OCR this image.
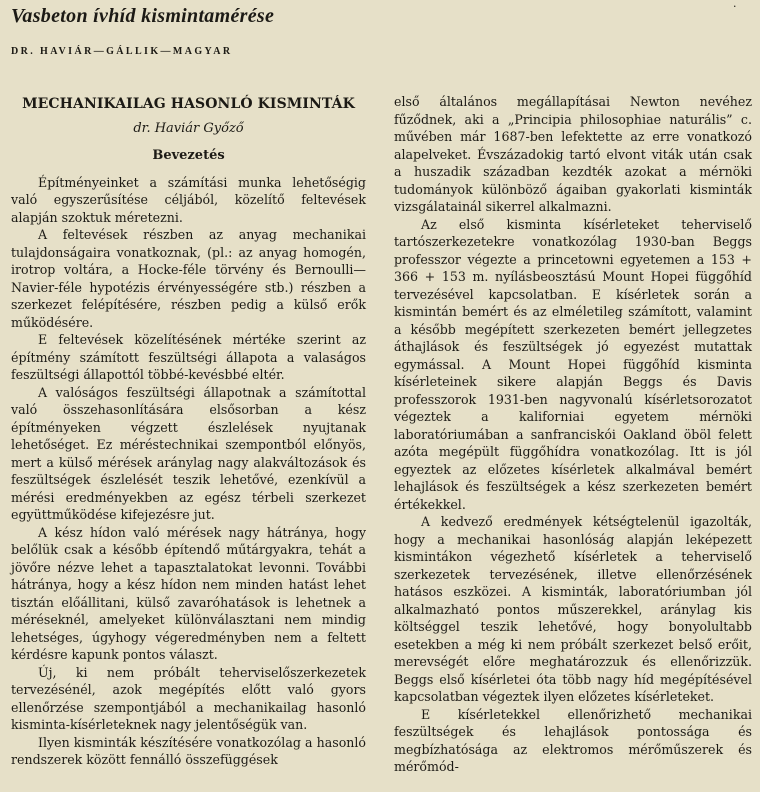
Vasbeton ívhíd kismintamérése	·
DR. HAVIÁR—GÁLLIK—MAGYAR
MECHANIKAILAG HASONLÓ KISMINTÁK
dr. Haviár Győző
Bevezetés

Építményeinket a számítási munka lehetőségig való egyszerűsítése céljából, közelítő feltevések alapján szoktuk méretezni.

A feltevések részben az anyag mechanikai tulajdonságaira vonatkoznak, (pl.: az anyag homogén, irotrop voltára, a Hocke-féle törvény és Bernoulli—Navier-féle hypotézis érvényességére stb.) részben a szerkezet felépítésére, részben pedig a külső erők működésére.

E feltevések közelítésének mértéke szerint az építmény számított feszültségi állapota a valaságos feszültségi állapottól többé-kevésbbé eltér.

A valóságos feszültségi állapotnak a számítottal való összehasonlítására elsősorban a kész építményeken végzett észlelések nyujtanak lehetőséget. Ez méréstechnikai szempontból előnyös, mert a külső mérések aránylag nagy alakváltozások és feszültségek észlelését teszik lehetővé, ezenkívül a mérési eredményekben az egész térbeli szerkezet együttműködése kifejezésre jut.

A kész hídon való mérések nagy hátránya, hogy belőlük csak a később építendő műtárgyakra, tehát a jövőre nézve lehet a tapasztalatokat levonni. További hátránya, hogy a kész hídon nem minden hatást lehet tisztán előállitani, külső zavaróhatások is lehetnek a méréseknél, amelyeket különválasztani nem mindig lehetséges, úgyhogy végeredményben nem a feltett kérdésre kapunk pontos választ.

Új, ki nem próbált teherviselőszerkezetek tervezésénél, azok megépítés előtt való gyors ellenőrzése szempontjából a mechanikailag hasonló kisminta-kísérleteknek nagy jelentőségük van.

Ilyen kisminták készítésére vonatkozólag a hasonló rendszerek között fennálló összefüggések

első általános megállapításai Newton nevéhez fűződnek, aki a „Principia philosophiae naturális” c. művében már 1687-ben lefektette az erre vonatkozó alapelveket. Évszázadokig tartó elvont viták után csak a huszadik században kezdték azokat a mérnöki tudományok különböző ágaiban gyakorlati kisminták vizsgálatainál sikerrel alkalmazni.

Az első kisminta kísérleteket teherviselő tartószerkezetekre vonatkozólag 1930-ban Beggs professzor végezte a princetowni egyetemen a 153 + 366 + 153 m. nyílásbeosztású Mount Hopei függőhíd tervezésével kapcsolatban. E kísérletek során a kismintán bemért és az elméletileg számított, valamint a később megépített szerkezeten bemért jellegzetes áthajlások és feszültségek jó egyezést mutattak egymással. A Mount Hopei függőhíd kisminta kísérleteinek sikere alapján Beggs és Davis professzorok 1931-ben nagyvonalú kísérletsorozatot végeztek a kaliforniai egyetem mérnöki laboratóriumában a sanfranciskói Oakland öböl felett azóta megépült függőhídra vonatkozólag. Itt is jól egyeztek az előzetes kísérletek alkalmával bemért lehajlások és feszültségek a kész szerkezeten bemért értékekkel.

A kedvező eredmények kétségtelenül igazolták, hogy a mechanikai hasonlóság alapján leképezett kismintákon végezhető kísérletek a teherviselő szerkezetek tervezésének, illetve ellenőrzésének hatásos eszközei. A kisminták, laboratóriumban jól alkalmazható pontos műszerekkel, aránylag kis költséggel teszik lehetővé, hogy bonyolultabb esetekben a még ki nem próbált szerkezet belső erőit, merevségét előre meghatározzuk és ellenőrizzük. Beggs első kísérletei óta több nagy híd megépítésével kapcsolatban végeztek ilyen előzetes kísérleteket.

E kísérletekkel ellenőrizhető mechanikai feszültségek és lehajlások pontossága és megbízhatósága az elektromos mérőműszerek és mérőmód-
